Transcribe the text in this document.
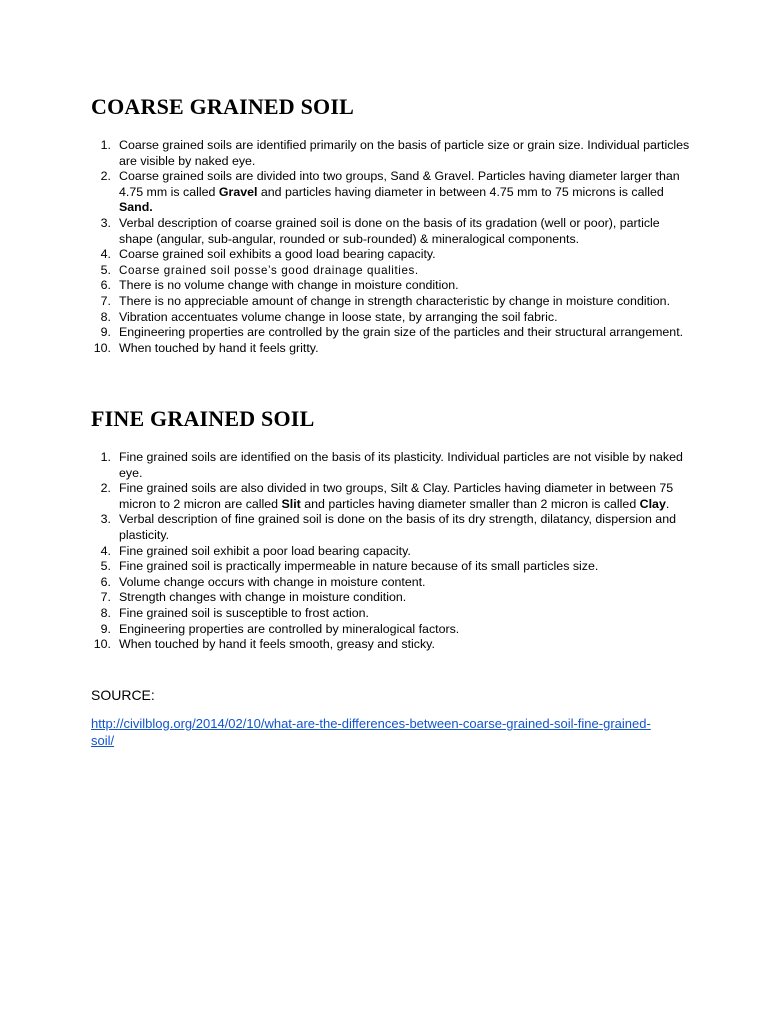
COARSE GRAINED SOIL
1. Coarse grained soils are identified primarily on the basis of particle size or grain size. Individual particles are visible by naked eye.
2. Coarse grained soils are divided into two groups, Sand & Gravel. Particles having diameter larger than 4.75 mm is called Gravel and particles having diameter in between 4.75 mm to 75 microns is called Sand.
3. Verbal description of coarse grained soil is done on the basis of its gradation (well or poor), particle shape (angular, sub-angular, rounded or sub-rounded) & mineralogical components.
4. Coarse grained soil exhibits a good load bearing capacity.
5. Coarse grained soil posse’s good drainage qualities.
6. There is no volume change with change in moisture condition.
7. There is no appreciable amount of change in strength characteristic by change in moisture condition.
8. Vibration accentuates volume change in loose state, by arranging the soil fabric.
9. Engineering properties are controlled by the grain size of the particles and their structural arrangement.
10. When touched by hand it feels gritty.
FINE GRAINED SOIL
1. Fine grained soils are identified on the basis of its plasticity. Individual particles are not visible by naked eye.
2. Fine grained soils are also divided in two groups, Silt & Clay. Particles having diameter in between 75 micron to 2 micron are called Slit and particles having diameter smaller than 2 micron is called Clay.
3. Verbal description of fine grained soil is done on the basis of its dry strength, dilatancy, dispersion and plasticity.
4. Fine grained soil exhibit a poor load bearing capacity.
5. Fine grained soil is practically impermeable in nature because of its small particles size.
6. Volume change occurs with change in moisture content.
7. Strength changes with change in moisture condition.
8. Fine grained soil is susceptible to frost action.
9. Engineering properties are controlled by mineralogical factors.
10. When touched by hand it feels smooth, greasy and sticky.

SOURCE:

http://civilblog.org/2014/02/10/what-are-the-differences-between-coarse-grained-soil-fine-grained-soil/
